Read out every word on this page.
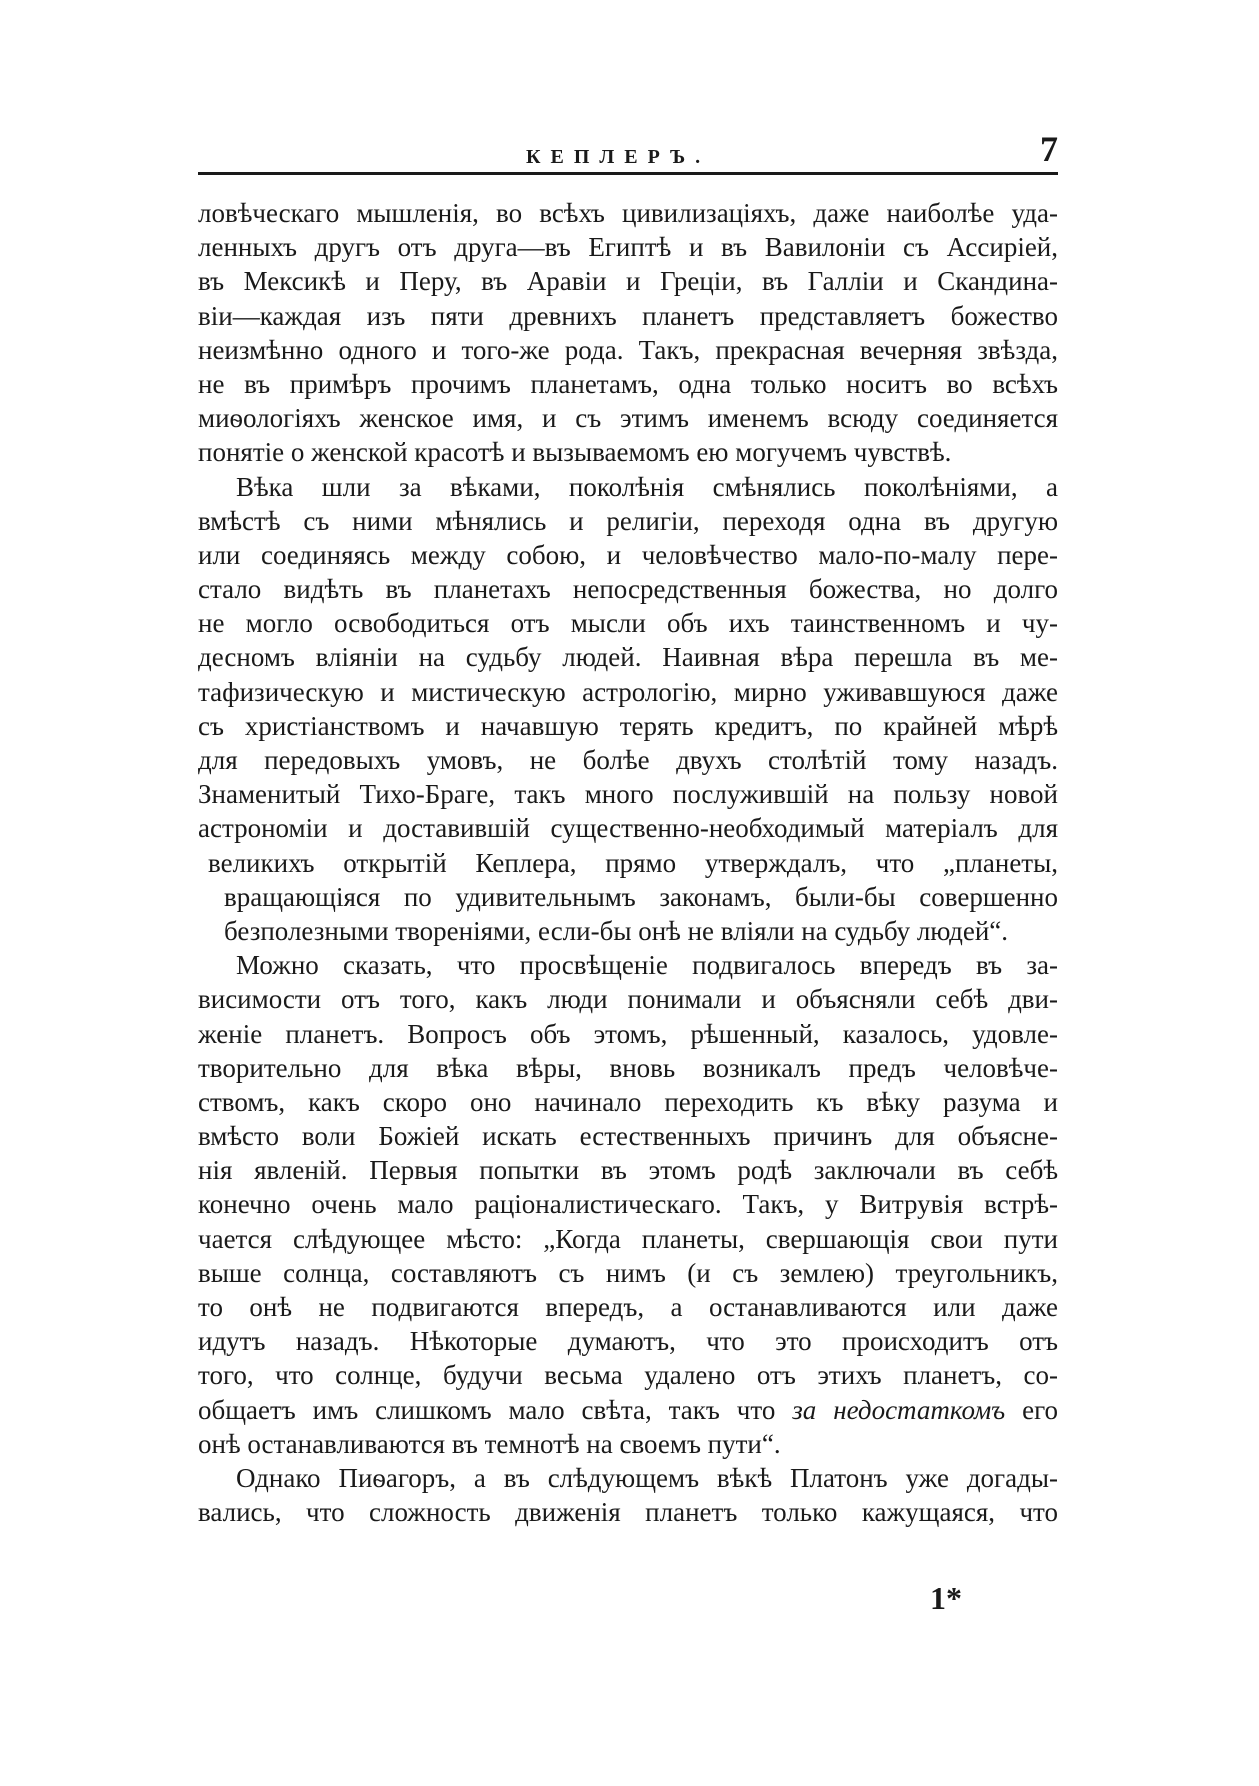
КЕПЛЕРЪ.	7
ловѣческаго мышленія, во всѣхъ цивилизаціяхъ, даже наиболѣе уда-
ленныхъ другъ отъ друга—въ Египтѣ и въ Вавилоніи съ Ассиріей,
въ Мексикѣ и Перу, въ Аравіи и Греціи, въ Галліи и Скандина-
віи—каждая изъ пяти древнихъ планетъ представляетъ божество
неизмѣнно одного и того-же рода. Такъ, прекрасная вечерняя звѣзда,
не въ примѣръ прочимъ планетамъ, одна только носитъ во всѣхъ
миѳологіяхъ женское имя, и съ этимъ именемъ всюду соединяется
понятіе о женской красотѣ и вызываемомъ ею могучемъ чувствѣ.
Вѣка шли за вѣками, поколѣнія смѣнялись поколѣніями, а
вмѣстѣ съ ними мѣнялись и религіи, переходя одна въ другую
или соединяясь между собою, и человѣчество мало-по-малу пере-
стало видѣть въ планетахъ непосредственныя божества, но долго
не могло освободиться отъ мысли объ ихъ таинственномъ и чу-
десномъ вліяніи на судьбу людей. Наивная вѣра перешла въ ме-
тафизическую и мистическую астрологію, мирно уживавшуюся даже
съ христіанствомъ и начавшую терять кредитъ, по крайней мѣрѣ
для передовыхъ умовъ, не болѣе двухъ столѣтій тому назадъ.
Знаменитый Тихо-Браге, такъ много послужившій на пользу новой
астрономіи и доставившій существенно-необходимый матеріалъ для
великихъ открытій Кеплера, прямо утверждалъ, что „планеты,
вращающіяся по удивительнымъ законамъ, были-бы совершенно
безполезными твореніями, если-бы онѣ не вліяли на судьбу людей“.
Можно сказать, что просвѣщеніе подвигалось впередъ въ за-
висимости отъ того, какъ люди понимали и объясняли себѣ дви-
женіе планетъ. Вопросъ объ этомъ, рѣшенный, казалось, удовле-
творительно для вѣка вѣры, вновь возникалъ предъ человѣче-
ствомъ, какъ скоро оно начинало переходить къ вѣку разума и
вмѣсто воли Божіей искать естественныхъ причинъ для объясне-
нія явленій. Первыя попытки въ этомъ родѣ заключали въ себѣ
конечно очень мало раціоналистическаго. Такъ, у Витрувія встрѣ-
чается слѣдующее мѣсто: „Когда планеты, свершающія свои пути
выше солнца, составляютъ съ нимъ (и съ землею) треугольникъ,
то онѣ не подвигаются впередъ, а останавливаются или даже
идутъ назадъ. Нѣкоторые думаютъ, что это происходитъ отъ
того, что солнце, будучи весьма удалено отъ этихъ планетъ, со-
общаетъ имъ слишкомъ мало свѣта, такъ что за недостаткомъ его
онѣ останавливаются въ темнотѣ на своемъ пути“.
Однако Пиѳагоръ, а въ слѣдующемъ вѣкѣ Платонъ уже догады-
вались, что сложность движенія планетъ только кажущаяся, что
1*
